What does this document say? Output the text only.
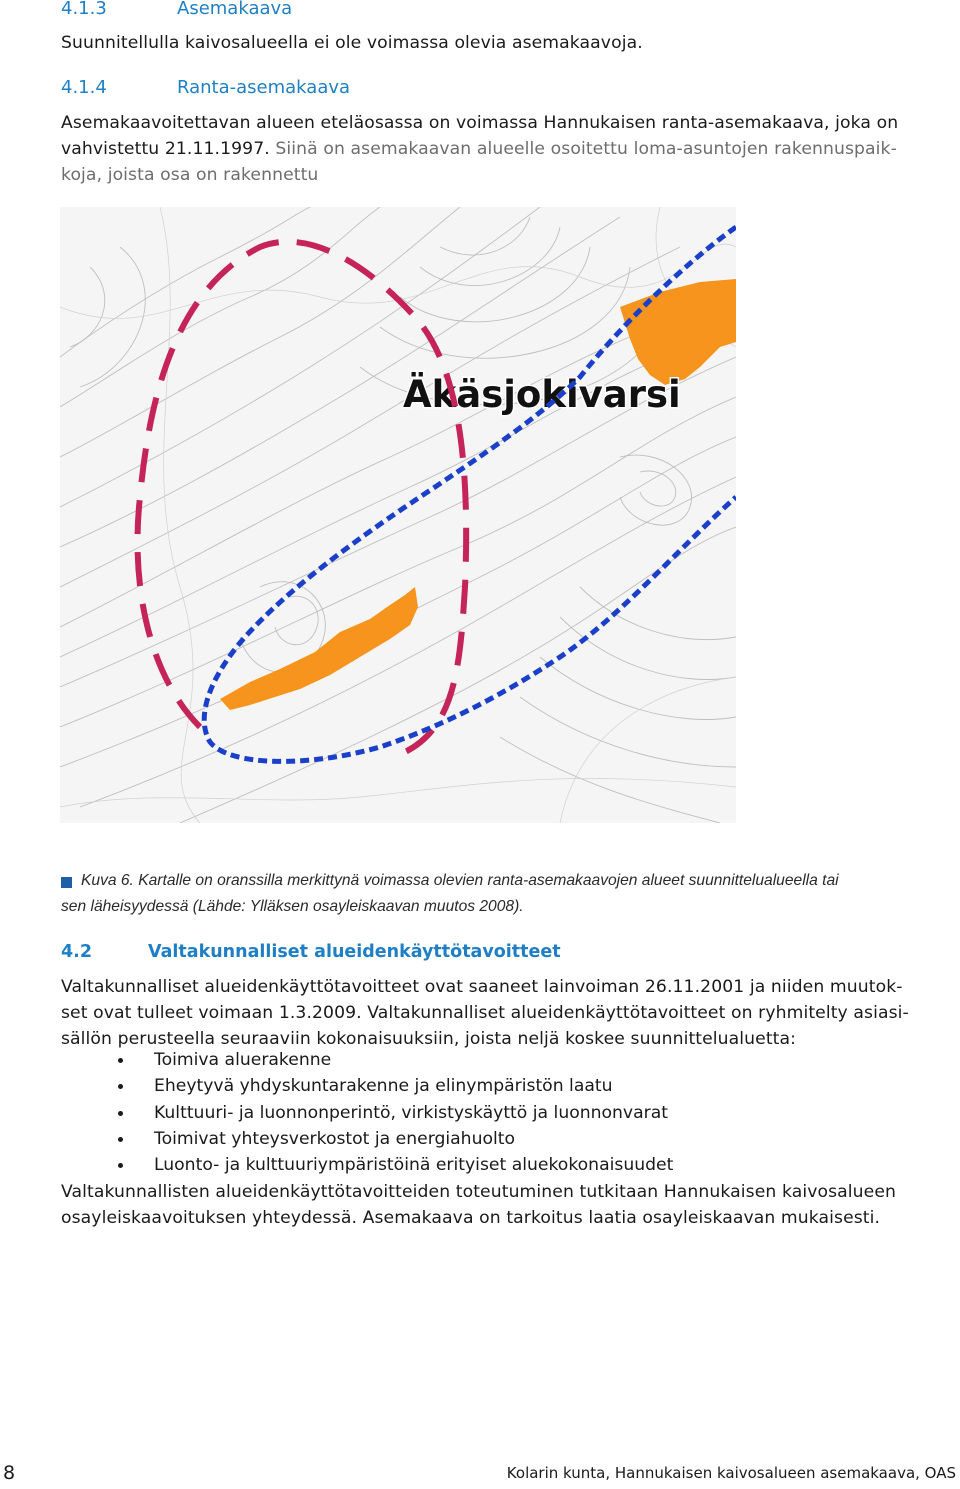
4.1.3	Asemakaava
Suunnitellulla kaivosalueella ei ole voimassa olevia asemakaavoja.
4.1.4	Ranta-asemakaava
Asemakaavoitettavan alueen eteläosassa on voimassa Hannukaisen ranta-asemakaava, joka on
vahvistettu 21.11.1997. Siinä on asemakaavan alueelle osoitettu loma-asuntojen rakennuspaik-
koja, joista osa on rakennettu
Äkäsjokivarsi
Kuva 6. Kartalle on oranssilla merkittynä voimassa olevien ranta-asemakaavojen alueet suunnittelualueella tai
sen läheisyydessä (Lähde: Ylläksen osayleiskaavan muutos 2008).
4.2	Valtakunnalliset alueidenkäyttötavoitteet
Valtakunnalliset alueidenkäyttötavoitteet ovat saaneet lainvoiman 26.11.2001 ja niiden muutok-
set ovat tulleet voimaan 1.3.2009. Valtakunnalliset alueidenkäyttötavoitteet on ryhmitelty asiasi-
sällön perusteella seuraaviin kokonaisuuksiin, joista neljä koskee suunnittelualuetta:
Toimiva aluerakenne
Eheytyvä yhdyskuntarakenne ja elinympäristön laatu
Kulttuuri- ja luonnonperintö, virkistyskäyttö ja luonnonvarat
Toimivat yhteysverkostot ja energiahuolto
Luonto- ja kulttuuriympäristöinä erityiset aluekokonaisuudet
Valtakunnallisten alueidenkäyttötavoitteiden toteutuminen tutkitaan Hannukaisen kaivosalueen
osayleiskaavoituksen yhteydessä. Asemakaava on tarkoitus laatia osayleiskaavan mukaisesti.
8	Kolarin kunta, Hannukaisen kaivosalueen asemakaava, OAS
